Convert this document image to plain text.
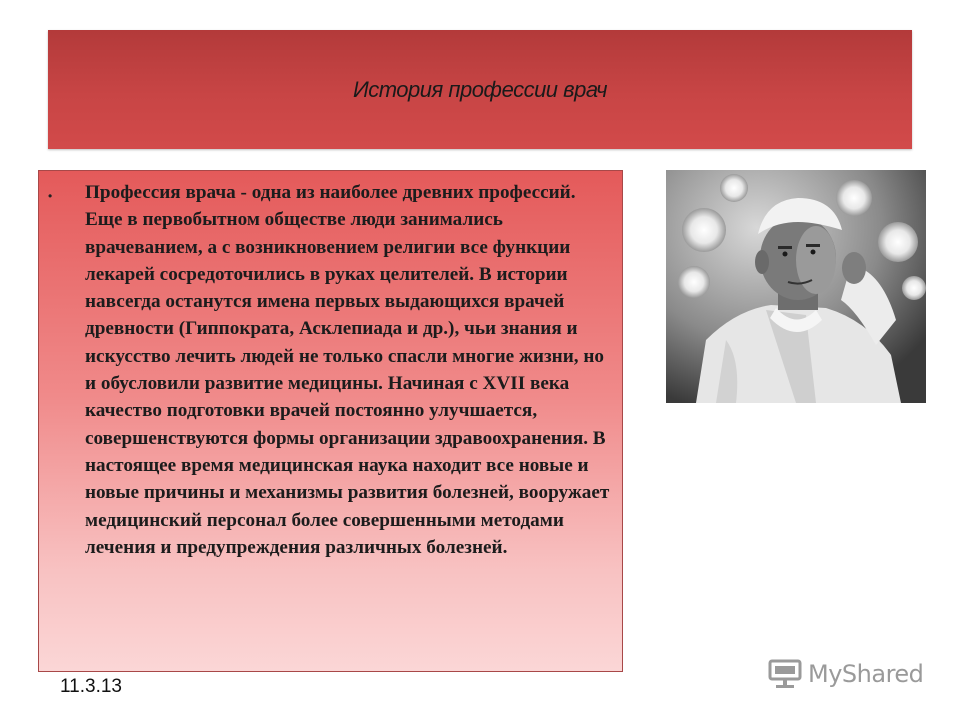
История профессии врач
• Профессия врача - одна из наиболее древних профессий. Еще в первобытном обществе люди занимались врачеванием, а с возникновением религии все функции лекарей сосредоточились в руках целителей. В истории навсегда останутся имена первых выдающихся врачей древности (Гиппократа, Асклепиада и др.), чьи знания и искусство лечить людей не только спасли многие жизни, но и обусловили развитие медицины. Начиная с XVII века качество подготовки врачей постоянно улучшается, совершенствуются формы организации здравоохранения. В настоящее время медицинская наука находит все новые и новые причины и механизмы развития болезней, вооружает медицинский персонал более совершенными методами лечения и предупреждения различных болезней.

11.3.13	MyShared
